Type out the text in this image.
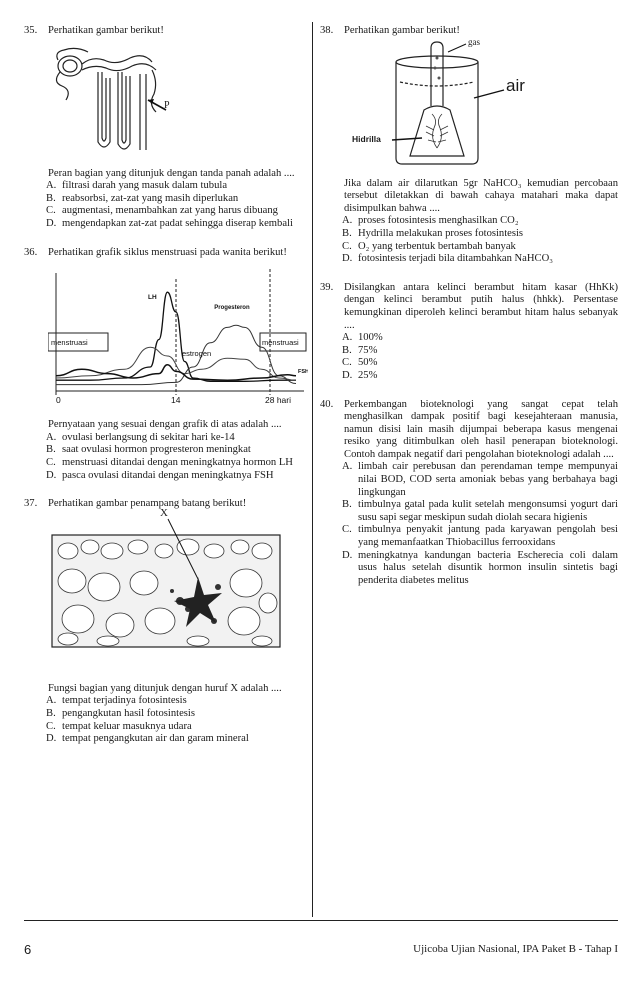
35. Perhatikan gambar berikut!
P
Peran bagian yang ditunjuk dengan tanda panah adalah ....
A. filtrasi darah yang masuk dalam tubula
B. reabsorbsi, zat-zat yang masih diperlukan
C. augmentasi, menambahkan zat yang harus dibuang
D. mengendapkan zat-zat padat sehingga diserap kembali
36. Perhatikan grafik siklus menstruasi pada wanita berikut!
LH
Progesteron
estrogen
FSH
menstruasi	menstruasi
0	14	28 hari
Pernyataan yang sesuai dengan grafik di atas adalah ....
A. ovulasi berlangsung di sekitar hari ke-14
B. saat ovulasi hormon progresteron meningkat
C. menstruasi ditandai dengan meningkatnya hormon LH
D. pasca ovulasi ditandai dengan meningkatnya FSH
37. Perhatikan gambar penampang batang berikut!
X
Fungsi bagian yang ditunjuk dengan huruf X adalah ....
A. tempat terjadinya fotosintesis
B. pengangkutan hasil fotosintesis
C. tempat keluar masuknya udara
D. tempat pengangkutan air dan garam mineral
38. Perhatikan gambar berikut!
gas
air
Hidrilla
Jika dalam air dilarutkan 5gr NaHCO₃ kemudian percobaan tersebut diletakkan di bawah cahaya matahari maka dapat disimpulkan bahwa ....
A. proses fotosintesis menghasilkan CO₂
B. Hydrilla melakukan proses fotosintesis
C. O₂ yang terbentuk bertambah banyak
D. fotosintesis terjadi bila ditambahkan NaHCO₃
39. Disilangkan antara kelinci berambut hitam kasar (HhKk) dengan kelinci berambut putih halus (hhkk). Persentase kemungkinan diperoleh kelinci berambut hitam halus sebanyak ....
A. 100%
B. 75%
C. 50%
D. 25%
40. Perkembangan bioteknologi yang sangat cepat telah menghasilkan dampak positif bagi kesejahteraan manusia, namun disisi lain masih dijumpai beberapa kasus mengenai resiko yang ditimbulkan oleh hasil penerapan bioteknologi. Contoh dampak negatif dari pengolahan bioteknologi adalah ....
A. limbah cair perebusan dan perendaman tempe mempunyai nilai BOD, COD serta amoniak bebas yang berbahaya bagi lingkungan
B. timbulnya gatal pada kulit setelah mengonsumsi yogurt dari susu sapi segar meskipun sudah diolah secara higienis
C. timbulnya penyakit jantung pada karyawan pengolah besi yang memanfaatkan Thiobacillus ferrooxidans
D. meningkatnya kandungan bacteria Escherecia coli dalam usus halus setelah disuntik hormon insulin sintetis bagi penderita diabetes melitus
6	Ujicoba Ujian Nasional, IPA Paket B - Tahap I
